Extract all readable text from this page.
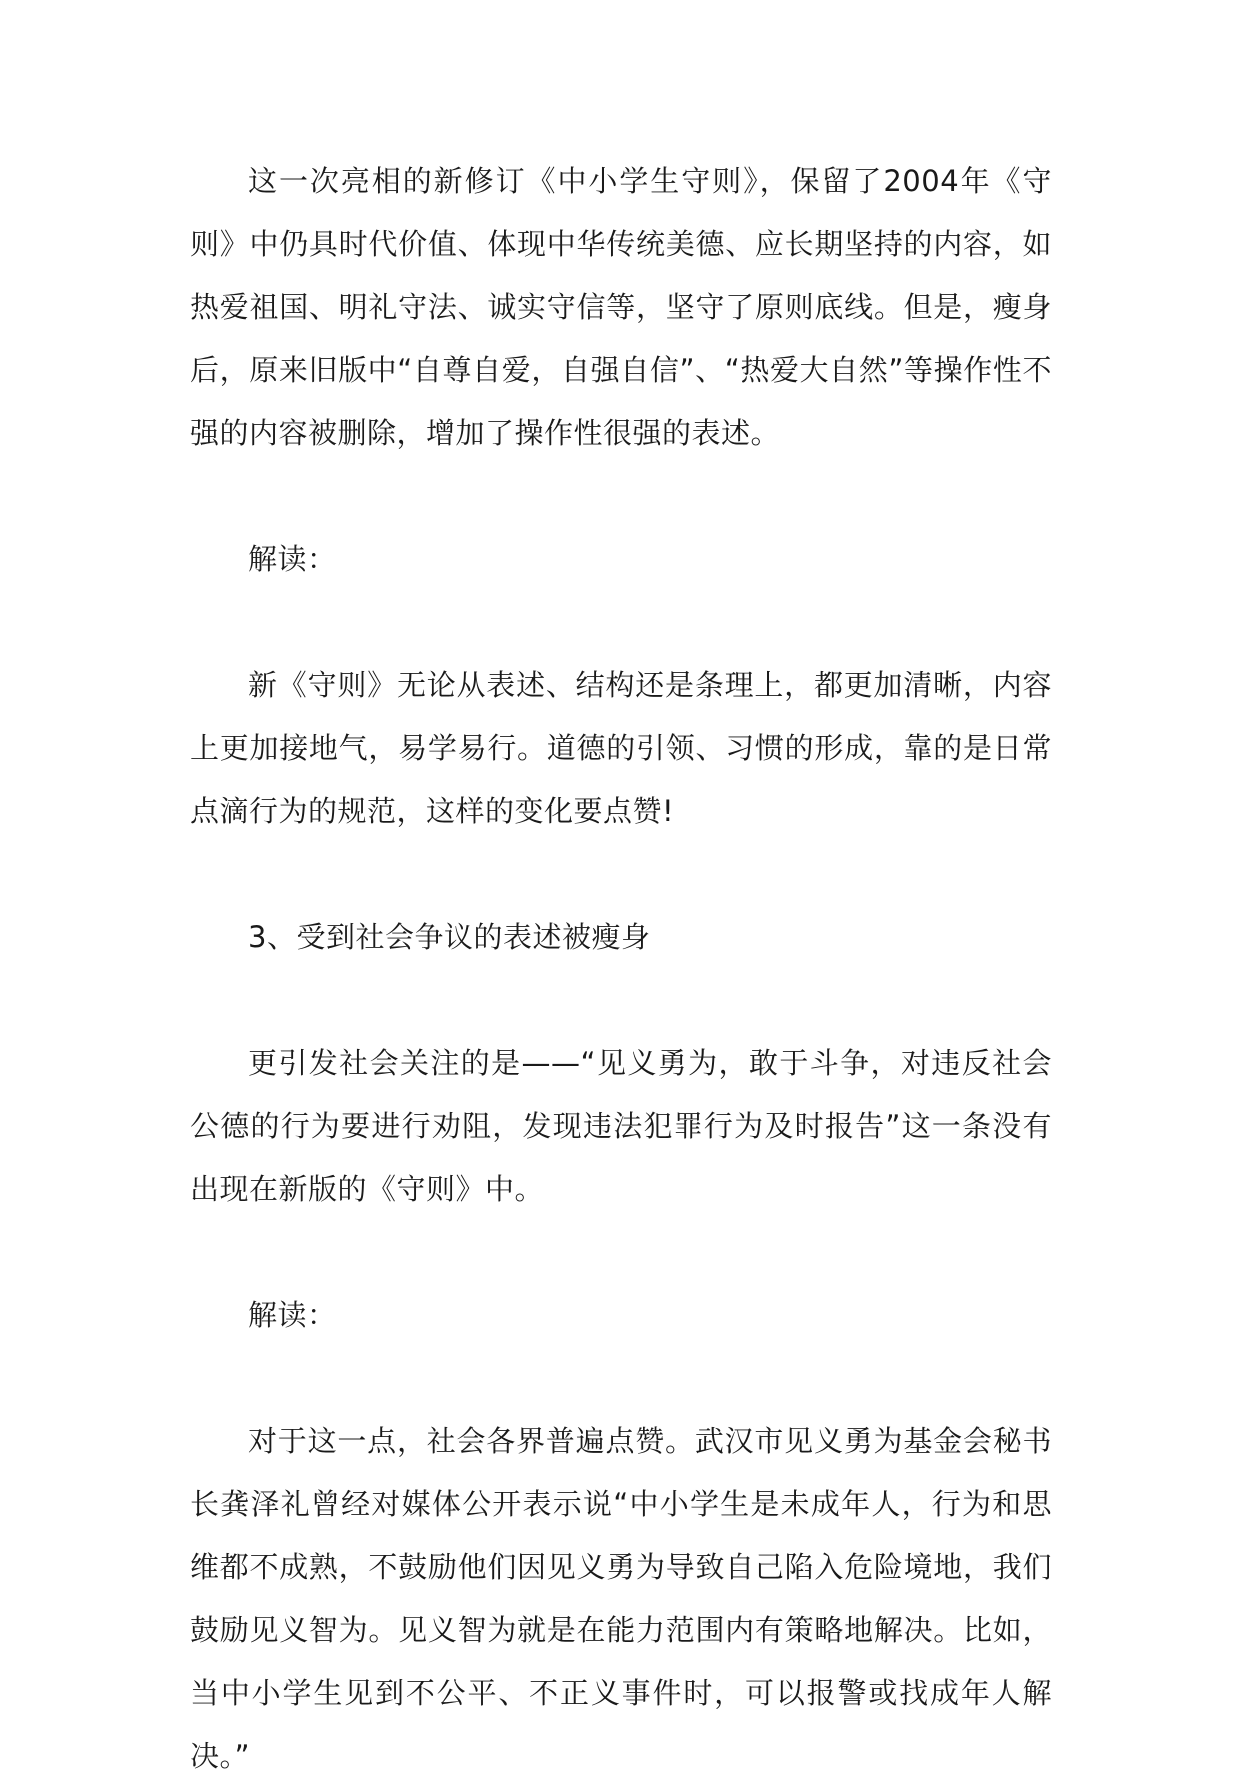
这一次亮相的新修订《中小学生守则》，保留了2004年《守则》中仍具时代价值、体现中华传统美德、应长期坚持的内容，如热爱祖国、明礼守法、诚实守信等，坚守了原则底线。但是，瘦身后，原来旧版中“自尊自爱，自强自信”、“热爱大自然”等操作性不强的内容被删除，增加了操作性很强的表述。

解读：

新《守则》无论从表述、结构还是条理上，都更加清晰，内容上更加接地气，易学易行。道德的引领、习惯的形成，靠的是日常点滴行为的规范，这样的变化要点赞!

3、受到社会争议的表述被瘦身

更引发社会关注的是——“见义勇为，敢于斗争，对违反社会公德的行为要进行劝阻，发现违法犯罪行为及时报告”这一条没有出现在新版的《守则》中。

解读：

对于这一点，社会各界普遍点赞。武汉市见义勇为基金会秘书长龚泽礼曾经对媒体公开表示说“中小学生是未成年人，行为和思维都不成熟，不鼓励他们因见义勇为导致自己陷入危险境地，我们鼓励见义智为。见义智为就是在能力范围内有策略地解决。比如，当中小学生见到不公平、不正义事件时，可以报警或找成年人解决。”
